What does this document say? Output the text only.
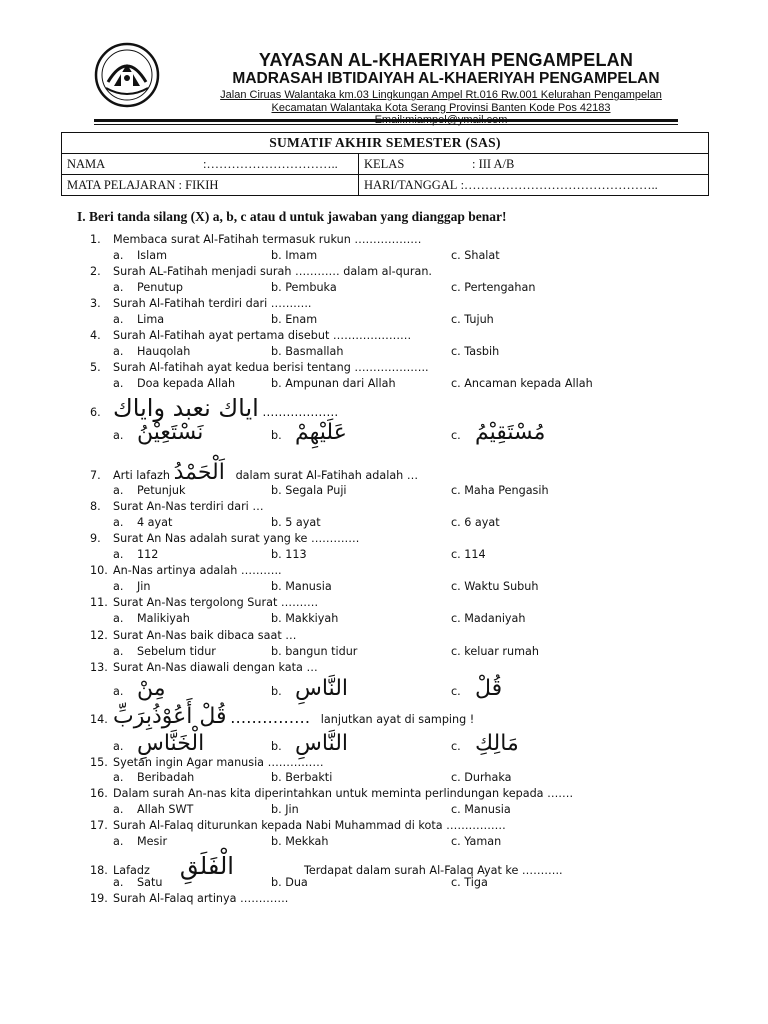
YAYASAN AL-KHAERIYAH PENGAMPELAN
MADRASAH IBTIDAIYAH AL-KHAERIYAH PENGAMPELAN
Jalan Ciruas Walantaka km.03 Lingkungan Ampel Rt.016 Rw.001 Kelurahan Pengampelan
Kecamatan Walantaka Kota Serang Provinsi Banten Kode Pos 42183 Email:miampel@ymail.com
SUMATIF AKHIR SEMESTER (SAS)	
NAMA :…………………………..	KELAS : III A/B
MATA PELAJARAN : FIKIH	HARI/TANGGAL :………………………………………..
I. Beri tanda silang (X) a, b, c atau d untuk jawaban yang dianggap benar!
1. Membaca surat Al-Fatihah termasuk rukun ………………
a. Islam	b. Imam	c. Shalat
2. Surah AL-Fatihah menjadi surah ………… dalam al-quran.
a. Penutup	b. Pembuka	c. Pertengahan
3. Surah Al-Fatihah terdiri dari ………..
a. Lima	b. Enam	c. Tujuh
4. Surah Al-Fatihah ayat pertama disebut …………………
a. Hauqolah	b. Basmallah	c. Tasbih
5. Surah Al-fatihah ayat kedua berisi tentang ………………..
a. Doa kepada Allah	b. Ampunan dari Allah	c. Ancaman kepada Allah
6. اياك نعبد واياك ……………….
a. نَسْتَعِيْنُ	b. عَلَيْهِمْ	c. مُسْتَقِيْمُ
7. Arti lafazh اَلْحَمْدُ dalam surat Al-Fatihah adalah …
a. Petunjuk	b. Segala Puji	c. Maha Pengasih
8. Surat An-Nas terdiri dari …
a. 4 ayat	b. 5 ayat	c. 6 ayat
9. Surat An Nas adalah surat yang ke ………….
a. 112	b. 113	c. 114
10. An-Nas artinya adalah ………..
a. Jin	b. Manusia	c. Waktu Subuh
11. Surat An-Nas tergolong Surat ……….
a. Malikiyah	b. Makkiyah	c. Madaniyah
12. Surat An-Nas baik dibaca saat …
a. Sebelum tidur	b. bangun tidur	c. keluar rumah
13. Surat An-Nas diawali dengan kata …
a. مِنْ	b. النَّاسِ	c. قُلْ
14. قُلْ أَعُوْذُبِرَبِّ …………… lanjutkan ayat di samping !
a. الْخَنَّاسِ	b. النَّاسِ	c. مَالِكِ
15. Syetan ingin Agar manusia ……………
a. Beribadah	b. Berbakti	c. Durhaka
16. Dalam surah An-nas kita diperintahkan untuk meminta perlindungan kepada …….
a. Allah SWT	b. Jin	c. Manusia
17. Surah Al-Falaq diturunkan kepada Nabi Muhammad di kota …………….
a. Mesir	b. Mekkah	c. Yaman
18. Lafadz الْفَلَقِ	Terdapat dalam surah Al-Falaq Ayat ke ………..
a. Satu	b. Dua	c. Tiga
19. Surah Al-Falaq artinya ………….
